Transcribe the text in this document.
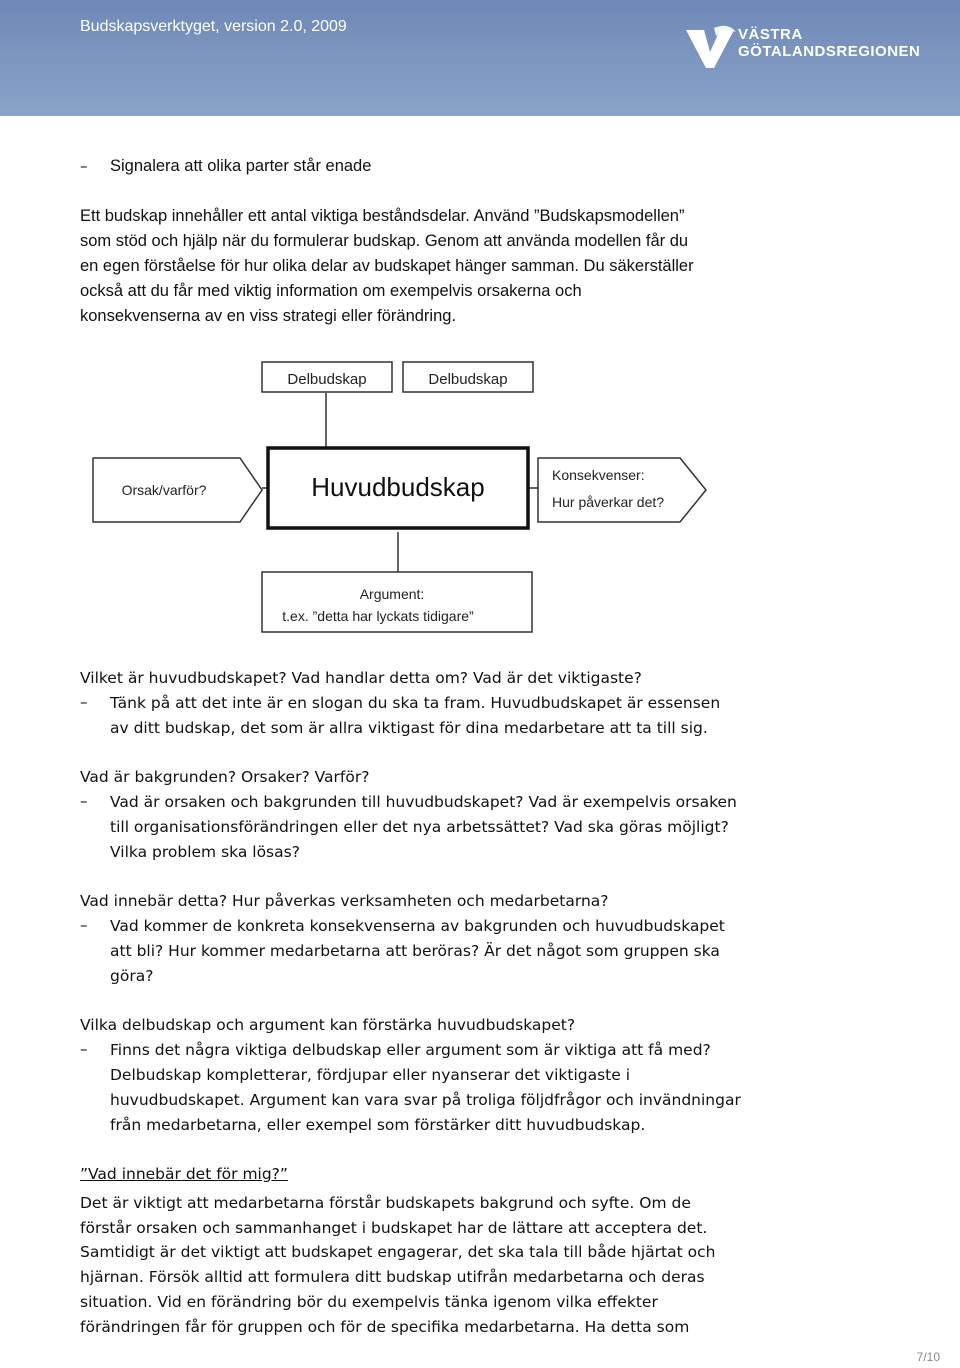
Budskapsverktyget, version 2.0, 2009	VÄSTRA
GÖTALANDSREGIONEN
– Signalera att olika parter står enade
Ett budskap innehåller ett antal viktiga beståndsdelar. Använd ”Budskapsmodellen”
som stöd och hjälp när du formulerar budskap. Genom att använda modellen får du
en egen förståelse för hur olika delar av budskapet hänger samman. Du säkerställer
också att du får med viktig information om exempelvis orsakerna och
konsekvenserna av en viss strategi eller förändring.
Delbudskap	Delbudskap
Huvudbudskap
Orsak/varför?
Konsekvenser:
Hur påverkar det?
Argument:
t.ex. ”detta har lyckats tidigare”
Vilket är huvudbudskapet? Vad handlar detta om? Vad är det viktigaste?
– Tänk på att det inte är en slogan du ska ta fram. Huvudbudskapet är essensen
av ditt budskap, det som är allra viktigast för dina medarbetare att ta till sig.
Vad är bakgrunden? Orsaker? Varför?
– Vad är orsaken och bakgrunden till huvudbudskapet? Vad är exempelvis orsaken
till organisationsförändringen eller det nya arbetssättet? Vad ska göras möjligt?
Vilka problem ska lösas?
Vad innebär detta? Hur påverkas verksamheten och medarbetarna?
– Vad kommer de konkreta konsekvenserna av bakgrunden och huvudbudskapet
att bli? Hur kommer medarbetarna att beröras? Är det något som gruppen ska
göra?
Vilka delbudskap och argument kan förstärka huvudbudskapet?
– Finns det några viktiga delbudskap eller argument som är viktiga att få med?
Delbudskap kompletterar, fördjupar eller nyanserar det viktigaste i
huvudbudskapet. Argument kan vara svar på troliga följdfrågor och invändningar
från medarbetarna, eller exempel som förstärker ditt huvudbudskap.
”Vad innebär det för mig?”
Det är viktigt att medarbetarna förstår budskapets bakgrund och syfte. Om de
förstår orsaken och sammanhanget i budskapet har de lättare att acceptera det.
Samtidigt är det viktigt att budskapet engagerar, det ska tala till både hjärtat och
hjärnan. Försök alltid att formulera ditt budskap utifrån medarbetarna och deras
situation. Vid en förändring bör du exempelvis tänka igenom vilka effekter
förändringen får för gruppen och för de specifika medarbetarna. Ha detta som
7/10
